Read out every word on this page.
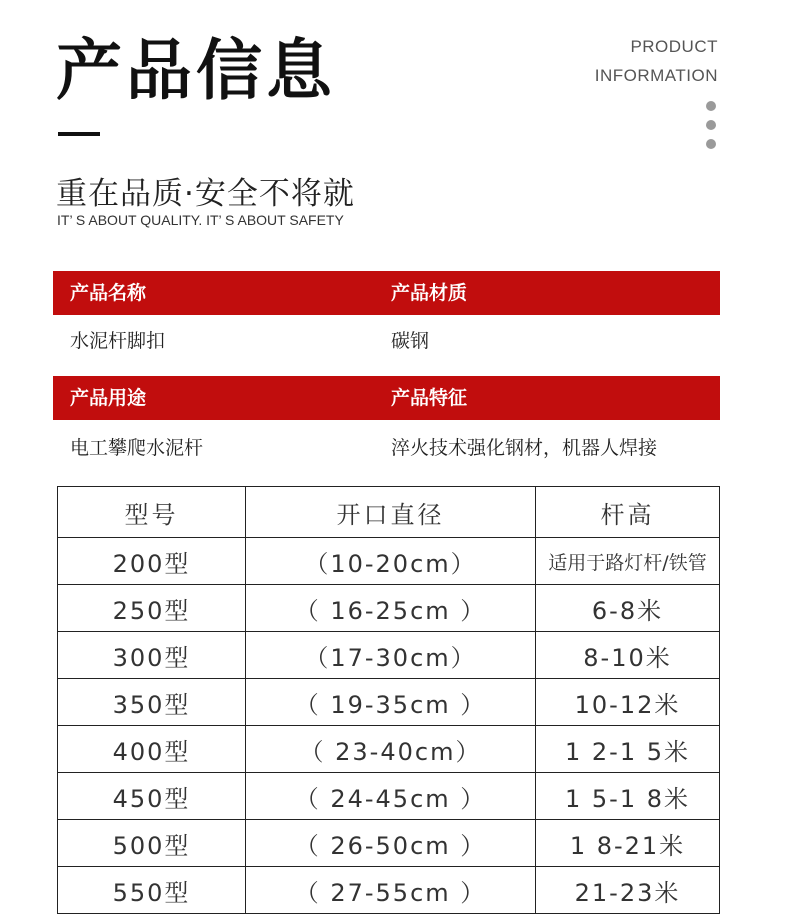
产品信息	PRODUCT
INFORMATION
重在品质·安全不将就
IT’ S ABOUT QUALITY. IT’ S ABOUT SAFETY
产品名称	产品材质
水泥杆脚扣	碳钢
产品用途	产品特征
电工攀爬水泥杆	淬火技术强化钢材，机器人焊接
型号	开口直径	杆高
200型	（10-20cm）	适用于路灯杆/铁管
250型	（ 16-25cm ）	6-8米
300型	（17-30cm）	8-10米
350型	（ 19-35cm ）	10-12米
400型	（ 23-40cm）	1 2-1 5米
450型	（ 24-45cm ）	1 5-1 8米
500型	（ 26-50cm ）	1 8-21米
550型	（ 27-55cm ）	21-23米
